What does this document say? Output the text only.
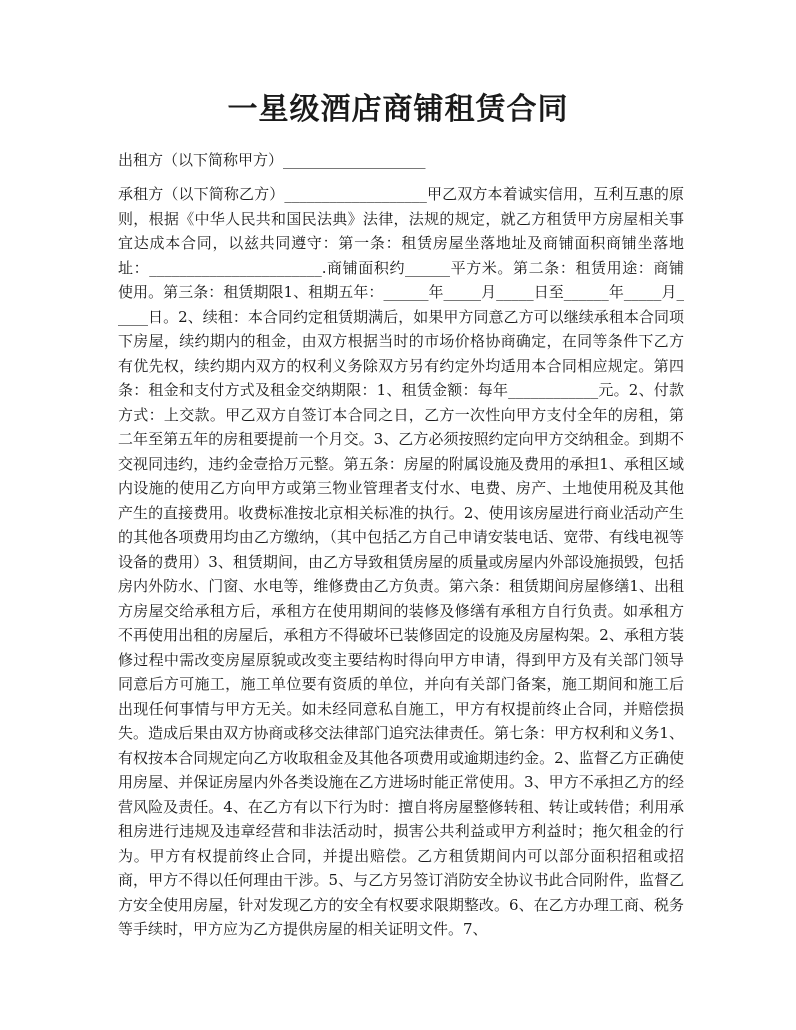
一星级酒店商铺租赁合同

出租方（以下简称甲方）___________________

承租方（以下简称乙方）___________________甲乙双方本着诚实信用，互利互惠的原则，根据《中华人民共和国民法典》法律，法规的规定，就乙方租赁甲方房屋相关事宜达成本合同，以兹共同遵守：第一条：租赁房屋坐落地址及商铺面积商铺坐落地址：_______________________.商铺面积约______平方米。第二条：租赁用途：商铺使用。第三条：租赁期限1、租期五年：______年_____月_____日至______年_____月_____日。2、续租：本合同约定租赁期满后，如果甲方同意乙方可以继续承租本合同项下房屋，续约期内的租金，由双方根据当时的市场价格协商确定，在同等条件下乙方有优先权，续约期内双方的权利义务除双方另有约定外均适用本合同相应规定。第四条：租金和支付方式及租金交纳期限：1、租赁金额：每年____________元。2、付款方式：上交款。甲乙双方自签订本合同之日，乙方一次性向甲方支付全年的房租，第二年至第五年的房租要提前一个月交。3、乙方必须按照约定向甲方交纳租金。到期不交视同违约，违约金壹拾万元整。第五条：房屋的附属设施及费用的承担1、承租区域内设施的使用乙方向甲方或第三物业管理者支付水、电费、房产、土地使用税及其他产生的直接费用。收费标准按北京相关标准的执行。2、使用该房屋进行商业活动产生的其他各项费用均由乙方缴纳，（其中包括乙方自己申请安装电话、宽带、有线电视等设备的费用）3、租赁期间，由乙方导致租赁房屋的质量或房屋内外部设施损毁，包括房内外防水、门窗、水电等，维修费由乙方负责。第六条：租赁期间房屋修缮1、出租方房屋交给承租方后，承租方在使用期间的装修及修缮有承租方自行负责。如承租方不再使用出租的房屋后，承租方不得破坏已装修固定的设施及房屋构架。2、承租方装修过程中需改变房屋原貌或改变主要结构时得向甲方申请，得到甲方及有关部门领导同意后方可施工，施工单位要有资质的单位，并向有关部门备案，施工期间和施工后出现任何事情与甲方无关。如未经同意私自施工，甲方有权提前终止合同，并赔偿损失。造成后果由双方协商或移交法律部门追究法律责任。第七条：甲方权利和义务1、有权按本合同规定向乙方收取租金及其他各项费用或逾期违约金。2、监督乙方正确使用房屋、并保证房屋内外各类设施在乙方进场时能正常使用。3、甲方不承担乙方的经营风险及责任。4、在乙方有以下行为时：擅自将房屋整修转租、转让或转借；利用承租房进行违规及违章经营和非法活动时，损害公共利益或甲方利益时；拖欠租金的行为。甲方有权提前终止合同，并提出赔偿。乙方租赁期间内可以部分面积招租或招商，甲方不得以任何理由干涉。5、与乙方另签订消防安全协议书此合同附件，监督乙方安全使用房屋，针对发现乙方的安全有权要求限期整改。6、在乙方办理工商、税务等手续时，甲方应为乙方提供房屋的相关证明文件。7、
